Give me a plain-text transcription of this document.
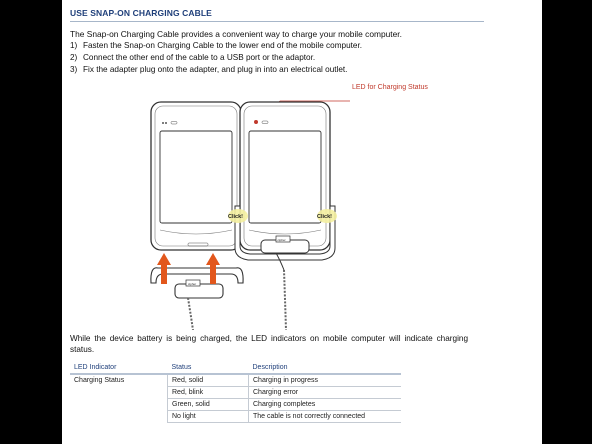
USE SNAP-ON CHARGING CABLE
The Snap-on Charging Cable provides a convenient way to charge your mobile computer.
1) Fasten the Snap-on Charging Cable to the lower end of the mobile computer.
2) Connect the other end of the cable to a USB port or the adaptor.
3) Fix the adapter plug onto the adapter, and plug in into an electrical outlet.
LED for Charging Status
cipher
cipher
Click!	Click!
While the device battery is being charged, the LED indicators on mobile computer will indicate charging status.
LED Indicator	Status	Description
Charging Status	Red, solid	Charging in progress
	Red, blink	Charging error
	Green, solid	Charging completes
	No light	The cable is not correctly connected
